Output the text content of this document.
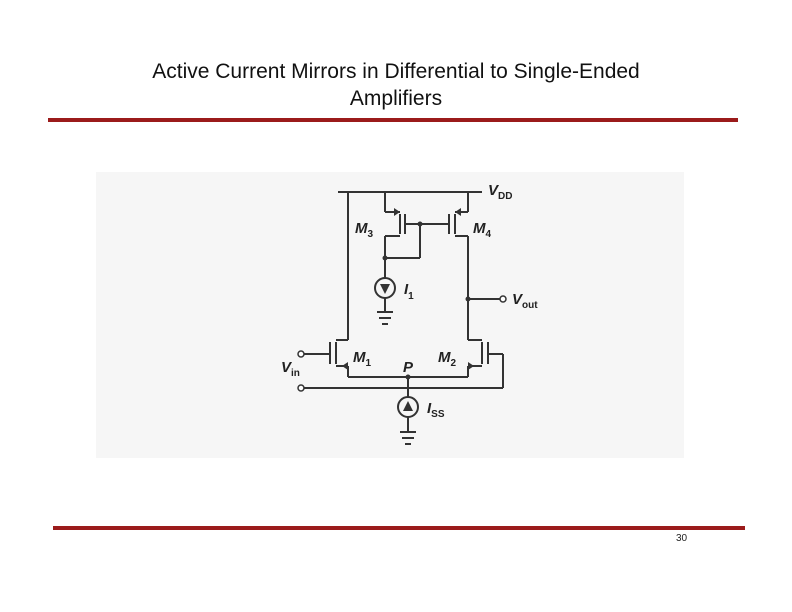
Active Current Mirrors in Differential to Single-Ended
Amplifiers
$V_{DD}$
$M_3$	$M_4$
$I_1$	$V_{out}$
$M_1$	$M_2$
$V_{in}$	P
$I_{SS}$
30
